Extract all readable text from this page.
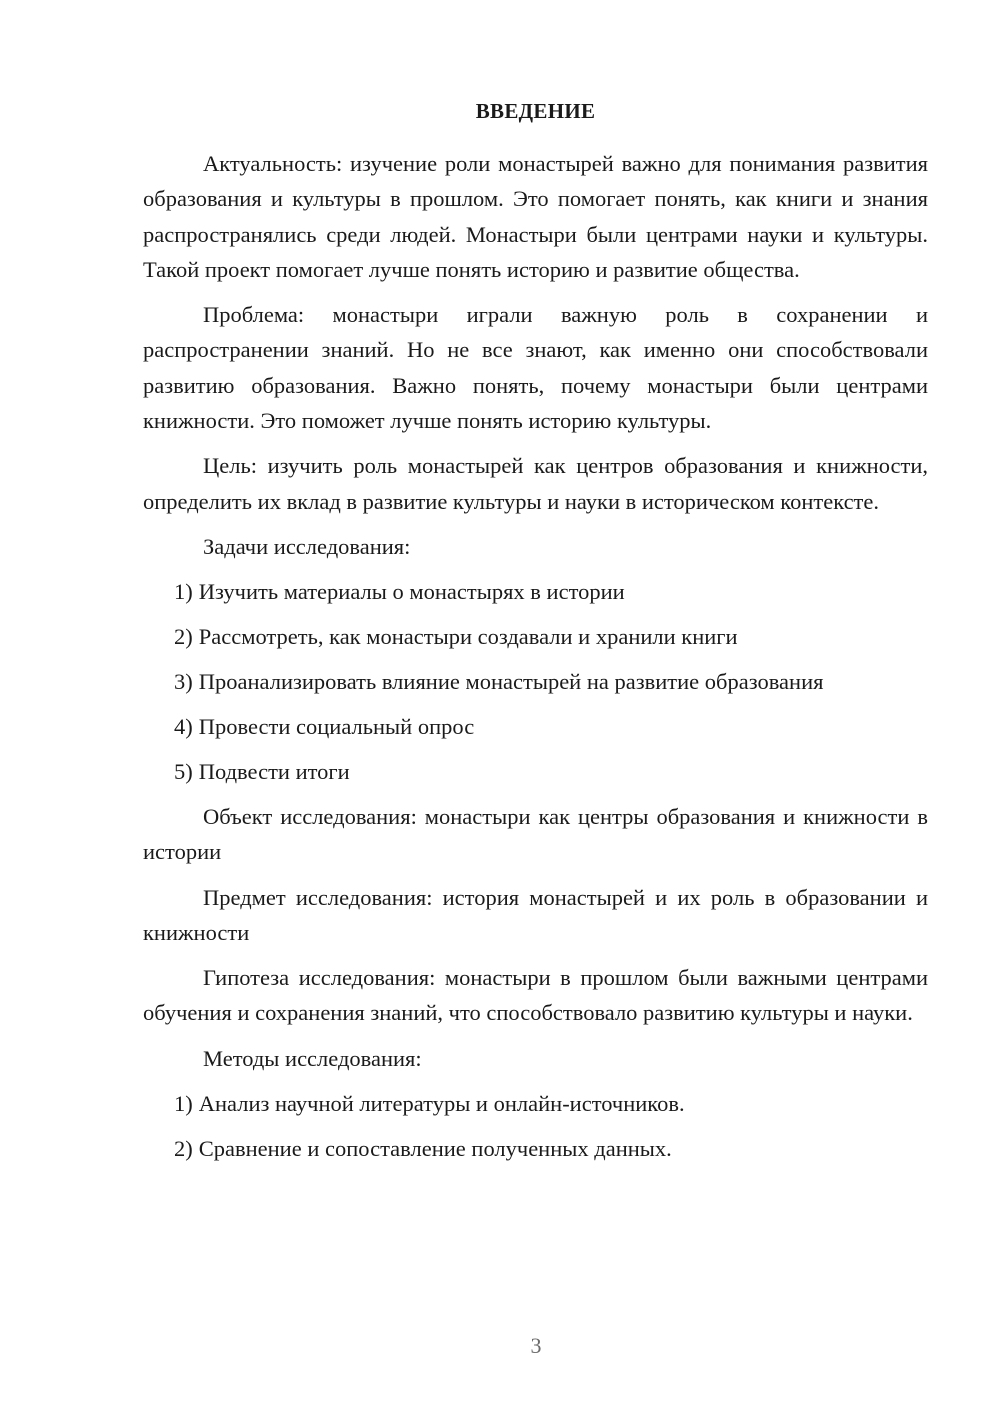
ВВЕДЕНИЕ

Актуальность: изучение роли монастырей важно для понимания развития образования и культуры в прошлом. Это помогает понять, как книги и знания распространялись среди людей. Монастыри были центрами науки и культуры. Такой проект помогает лучше понять историю и развитие общества.

Проблема: монастыри играли важную роль в сохранении и распространении знаний. Но не все знают, как именно они способствовали развитию образования. Важно понять, почему монастыри были центрами книжности. Это поможет лучше понять историю культуры.

Цель: изучить роль монастырей как центров образования и книжности, определить их вклад в развитие культуры и науки в историческом контексте.

Задачи исследования:

1) Изучить материалы о монастырях в истории

2) Рассмотреть, как монастыри создавали и хранили книги

3) Проанализировать влияние монастырей на развитие образования

4) Провести социальный опрос

5) Подвести итоги

Объект исследования: монастыри как центры образования и книжности в истории

Предмет исследования: история монастырей и их роль в образовании и книжности

Гипотеза исследования: монастыри в прошлом были важными центрами обучения и сохранения знаний, что способствовало развитию культуры и науки.

Методы исследования:

1) Анализ научной литературы и онлайн-источников.

2) Сравнение и сопоставление полученных данных.

3
